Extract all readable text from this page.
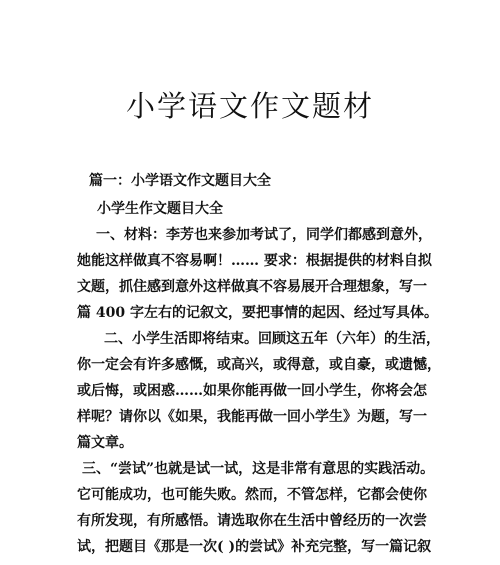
小学语文作文题材
篇一：小学语文作文题目大全
小学生作文题目大全
一、材料：李芳也来参加考试了，同学们都感到意外，
她能这样做真不容易啊！…… 要求：根据提供的材料自拟
文题，抓住感到意外这样做真不容易展开合理想象，写一
篇 400 字左右的记叙文，要把事情的起因、经过写具体。
二、小学生活即将结束。回顾这五年（六年）的生活，
你一定会有许多感慨，或高兴，或得意，或自豪，或遗憾，
或后悔，或困惑……如果你能再做一回小学生，你将会怎
样呢？请你以《如果，我能再做一回小学生》为题，写一
篇文章。
三、“尝试”也就是试一试，这是非常有意思的实践活动。
它可能成功，也可能失败。然而，不管怎样，它都会使你
有所发现，有所感悟。请选取你在生活中曾经历的一次尝
试，把题目《那是一次( )的尝试》补充完整，写一篇记叙
